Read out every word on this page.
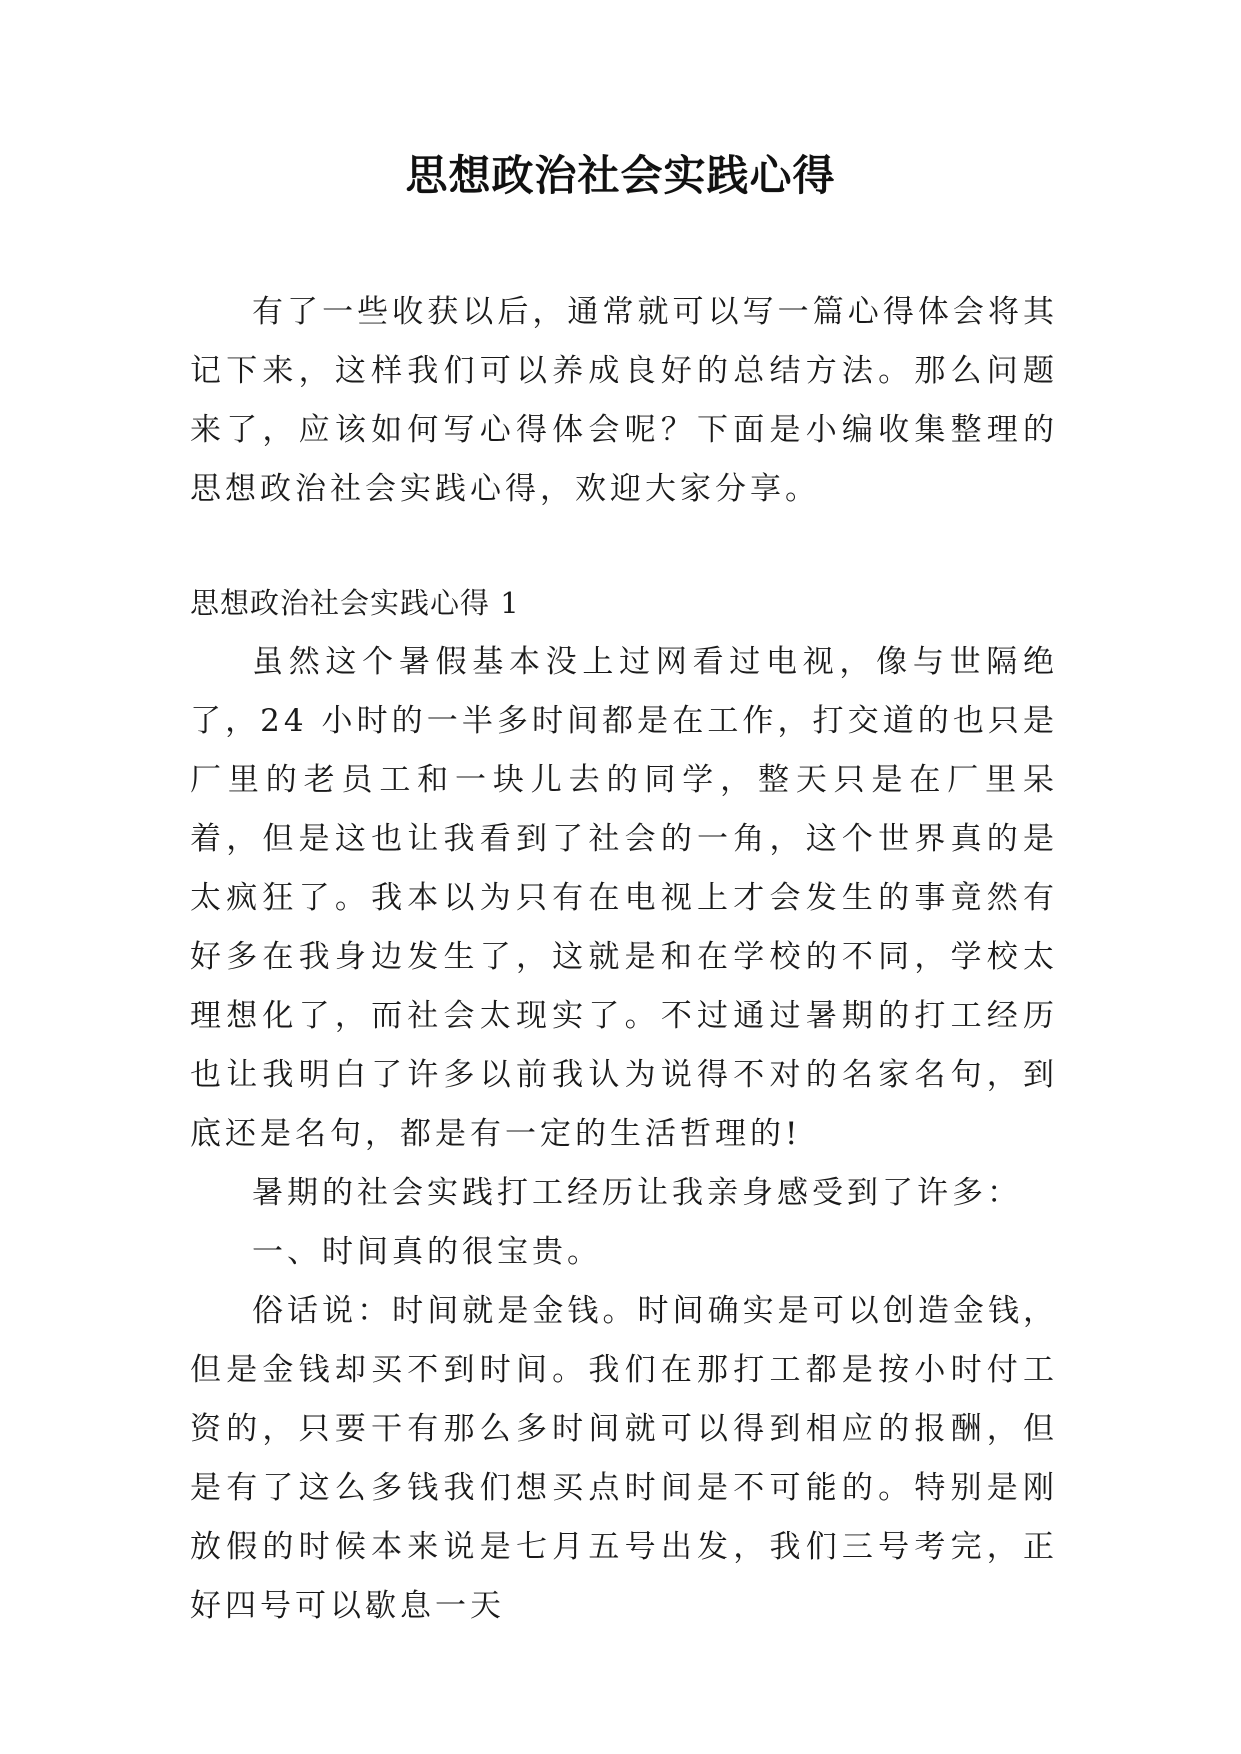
思想政治社会实践心得

有了一些收获以后，通常就可以写一篇心得体会将其记下来，这样我们可以养成良好的总结方法。那么问题来了，应该如何写心得体会呢？下面是小编收集整理的思想政治社会实践心得，欢迎大家分享。

思想政治社会实践心得 1

虽然这个暑假基本没上过网看过电视，像与世隔绝了，24 小时的一半多时间都是在工作，打交道的也只是厂里的老员工和一块儿去的同学，整天只是在厂里呆着，但是这也让我看到了社会的一角，这个世界真的是太疯狂了。我本以为只有在电视上才会发生的事竟然有好多在我身边发生了，这就是和在学校的不同，学校太理想化了，而社会太现实了。不过通过暑期的打工经历也让我明白了许多以前我认为说得不对的名家名句，到底还是名句，都是有一定的生活哲理的!

暑期的社会实践打工经历让我亲身感受到了许多：

一、时间真的很宝贵。

俗话说：时间就是金钱。时间确实是可以创造金钱，但是金钱却买不到时间。我们在那打工都是按小时付工资的，只要干有那么多时间就可以得到相应的报酬，但是有了这么多钱我们想买点时间是不可能的。特别是刚放假的时候本来说是七月五号出发，我们三号考完，正好四号可以歇息一天
